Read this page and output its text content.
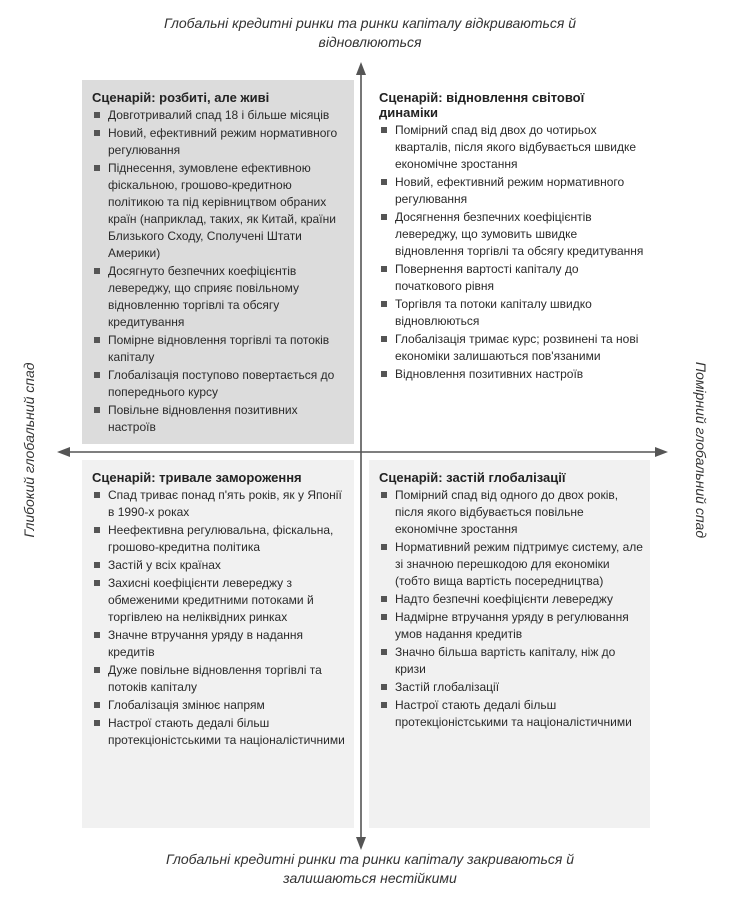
Глобальні кредитні ринки та ринки капіталу відкриваються й відновлюються
Глобальні кредитні ринки та ринки капіталу закриваються й залишаються нестійкими
Глибокий глобальний спад	Помірний глобальний спад
Сценарій: розбиті, але живі
Довготривалий спад 18 і більше місяців
Новий, ефективний режим нормативного регулювання
Піднесення, зумовлене ефективною фіскальною, грошово-кредитною політикою та під керівництвом обраних країн (наприклад, таких, як Китай, країни Близького Сходу, Сполучені Штати Америки)
Досягнуто безпечних коефіцієнтів левереджу, що сприяє повільному відновленню торгівлі та обсягу кредитування
Помірне відновлення торгівлі та потоків капіталу
Глобалізація поступово повертається до попереднього курсу
Повільне відновлення позитивних настроїв
Сценарій: відновлення світової динаміки
Помірний спад від двох до чотирьох кварталів, після якого відбувається швидке економічне зростання
Новий, ефективний режим нормативного регулювання
Досягнення безпечних коефіцієнтів левереджу, що зумовить швидке відновлення торгівлі та обсягу кредитування
Повернення вартості капіталу до початкового рівня
Торгівля та потоки капіталу швидко відновлюються
Глобалізація тримає курс; розвинені та нові економіки залишаються пов'язаними
Відновлення позитивних настроїв
Сценарій: тривале замороження
Спад триває понад п'ять років, як у Японії в 1990-х роках
Неефективна регулювальна, фіскальна, грошово-кредитна політика
Застій у всіх країнах
Захисні коефіцієнти левереджу з обмеженими кредитними потоками й торгівлею на неліквідних ринках
Значне втручання уряду в надання кредитів
Дуже повільне відновлення торгівлі та потоків капіталу
Глобалізація змінює напрям
Настрої стають дедалі більш протекціоністськими та націоналістичними
Сценарій: застій глобалізації
Помірний спад від одного до двох років, після якого відбувається повільне економічне зростання
Нормативний режим підтримує систему, але зі значною перешкодою для економіки (тобто вища вартість посередництва)
Надто безпечні коефіцієнти левереджу
Надмірне втручання уряду в регулювання умов надання кредитів
Значно більша вартість капіталу, ніж до кризи
Застій глобалізації
Настрої стають дедалі більш протекціоністськими та націоналістичними
